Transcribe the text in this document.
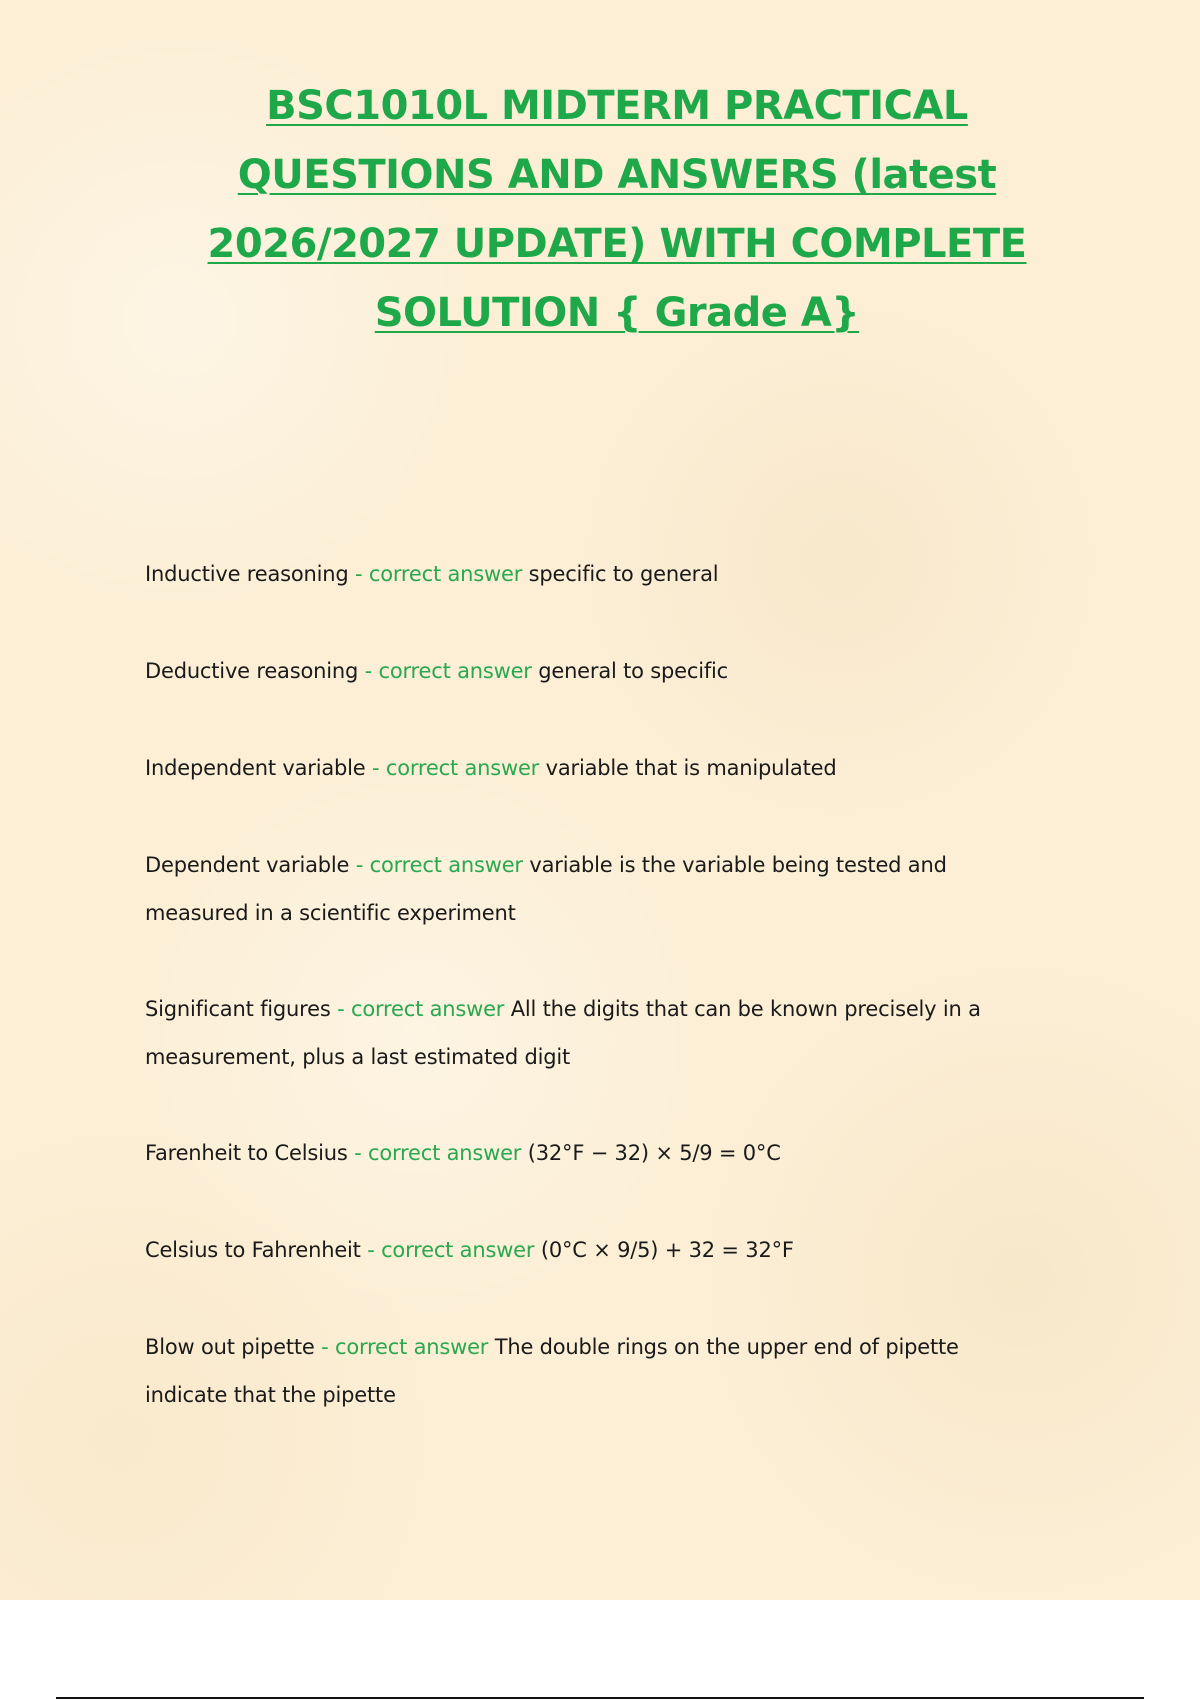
BSC1010L MIDTERM PRACTICAL QUESTIONS AND ANSWERS (latest 2026/2027 UPDATE) WITH COMPLETE SOLUTION { Grade A}
Inductive reasoning - correct answer specific to general
Deductive reasoning - correct answer general to specific
Independent variable - correct answer variable that is manipulated
Dependent variable - correct answer variable is the variable being tested and measured in a scientific experiment
Significant figures - correct answer All the digits that can be known precisely in a measurement, plus a last estimated digit
Farenheit to Celsius - correct answer (32°F − 32) × 5/9 = 0°C
Celsius to Fahrenheit - correct answer (0°C × 9/5) + 32 = 32°F
Blow out pipette - correct answer The double rings on the upper end of pipette indicate that the pipette
